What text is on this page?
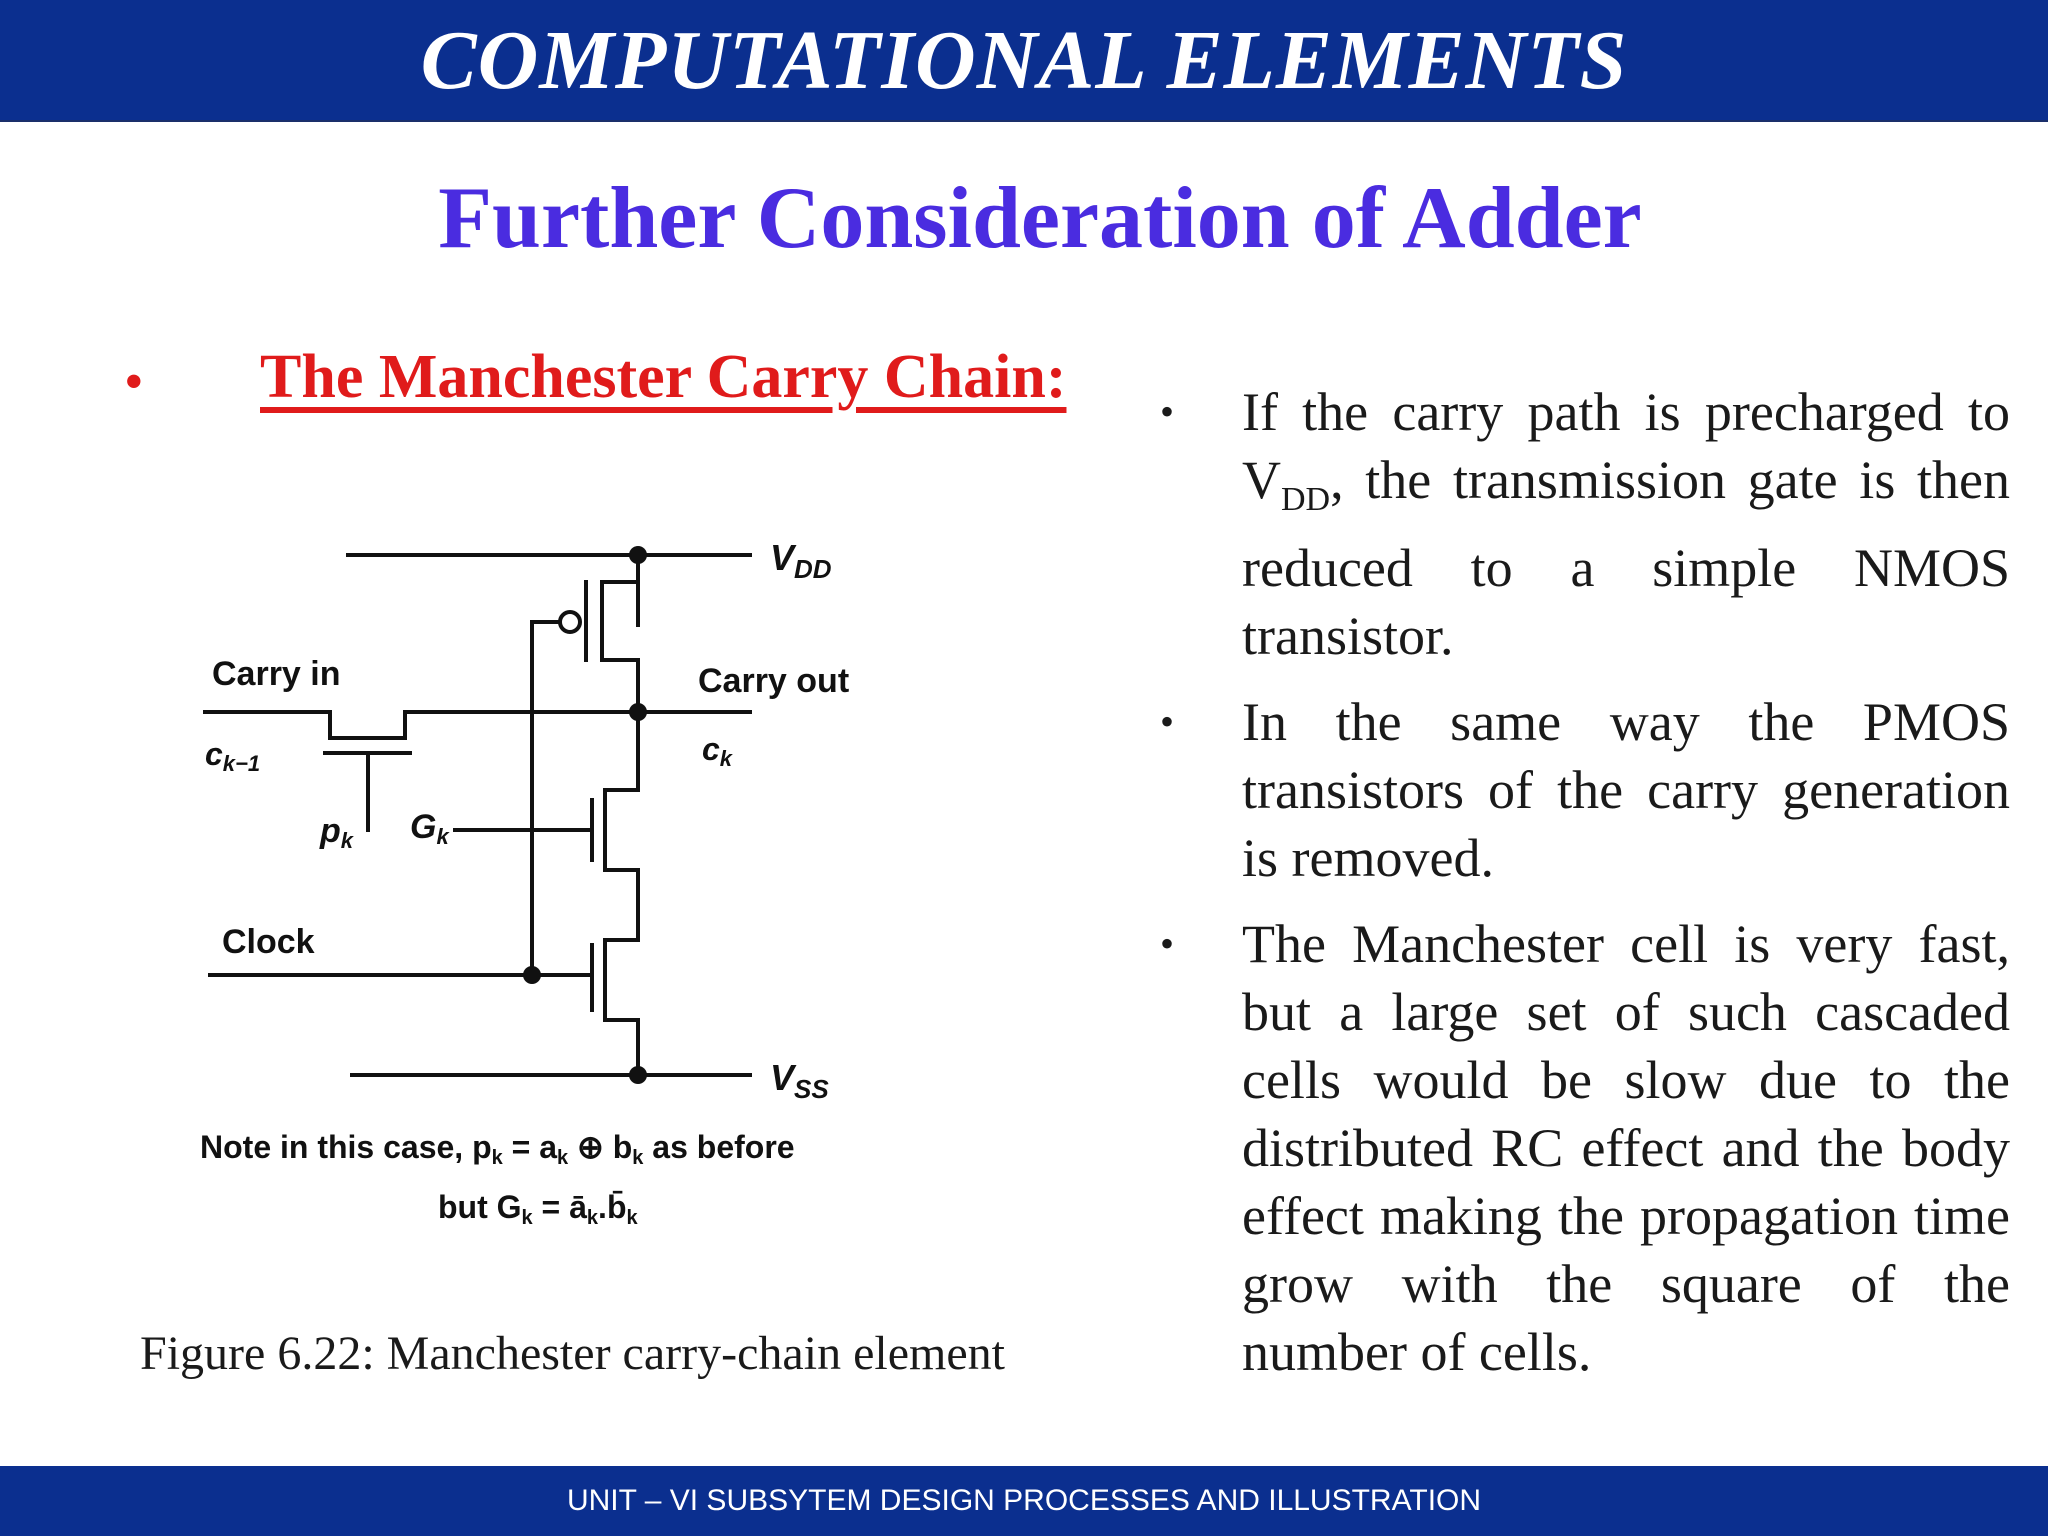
COMPUTATIONAL ELEMENTS
Further Consideration of Adder
• The Manchester Carry Chain:
$V_{DD}$
$V_{SS}$
Carry in	Carry out
ck−1	ck
pk Gk
Clock
Note in this case, pk = ak ⊕ bk as before
but Gk = āk.b̄k
Figure 6.22: Manchester carry-chain element
• If the carry path is precharged to $V_{DD}$, the transmission gate is then reduced to a simple NMOS transistor.
• In the same way the PMOS transistors of the carry generation is removed.
• The Manchester cell is very fast, but a large set of such cascaded cells would be slow due to the distributed RC effect and the body effect making the propagation time grow with the square of the number of cells.
UNIT – VI SUBSYTEM DESIGN PROCESSES AND ILLUSTRATION
